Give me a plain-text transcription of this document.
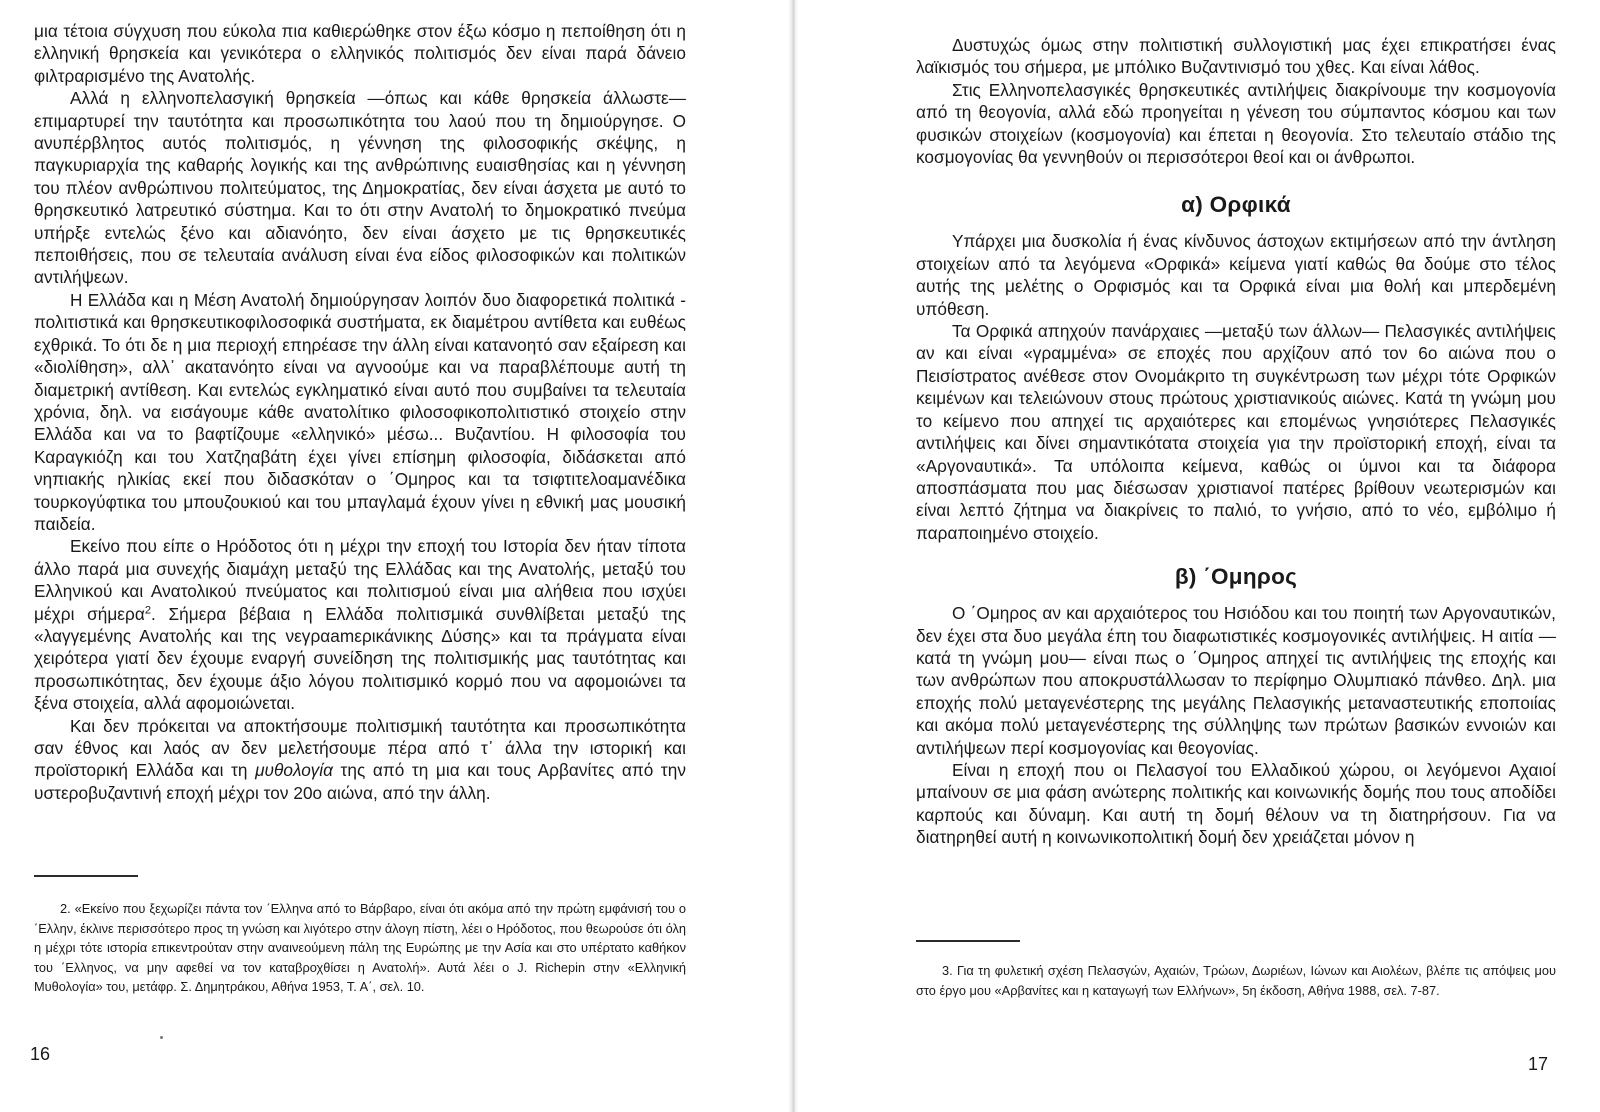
μια τέτοια σύγχυση που εύκολα πια καθιερώθηκε στον έξω κόσμο η πεποίθηση ότι η ελληνική θρησκεία και γενικότερα ο ελληνικός πολιτισμός δεν είναι παρά δάνειο φιλτραρισμένο της Ανατολής.

Αλλά η ελληνοπελασγική θρησκεία —όπως και κάθε θρησκεία άλλωστε— επιμαρτυρεί την ταυτότητα και προσωπικότητα του λαού που τη δημιούργησε. Ο ανυπέρβλητος αυτός πολιτισμός, η γέννηση της φιλοσοφικής σκέψης, η παγκυριαρχία της καθαρής λογικής και της ανθρώπινης ευαισθησίας και η γέννηση του πλέον ανθρώπινου πολιτεύματος, της Δημοκρατίας, δεν είναι άσχετα με αυτό το θρησκευτικό λατρευτικό σύστημα. Και το ότι στην Ανατολή το δημοκρατικό πνεύμα υπήρξε εντελώς ξένο και αδιανόητο, δεν είναι άσχετο με τις θρησκευτικές πεποιθήσεις, που σε τελευταία ανάλυση είναι ένα είδος φιλοσοφικών και πολιτικών αντιλήψεων.

Η Ελλάδα και η Μέση Ανατολή δημιούργησαν λοιπόν δυο διαφορετικά πολιτικά - πολιτιστικά και θρησκευτικοφιλοσοφικά συστήματα, εκ διαμέτρου αντίθετα και ευθέως εχθρικά. Το ότι δε η μια περιοχή επηρέασε την άλλη είναι κατανοητό σαν εξαίρεση και «διολίθηση», αλλ᾽ ακατανόητο είναι να αγνοούμε και να παραβλέπουμε αυτή τη διαμετρική αντίθεση. Και εντελώς εγκληματικό είναι αυτό που συμβαίνει τα τελευταία χρόνια, δηλ. να εισάγουμε κάθε ανατολίτικο φιλοσοφικοπολιτιστικό στοιχείο στην Ελλάδα και να το βαφτίζουμε «ελληνικό» μέσω... Βυζαντίου. Η φιλοσοφία του Καραγκιόζη και του Χατζηαβάτη έχει γίνει επίσημη φιλοσοφία, διδάσκεται από νηπιακής ηλικίας εκεί που διδασκόταν ο ΄Ομηρος και τα τσιφτιτελοαμανέδικα τουρκογύφτικα του μπουζουκιού και του μπαγλαμά έχουν γίνει η εθνική μας μουσική παιδεία.

Εκείνο που είπε ο Ηρόδοτος ότι η μέχρι την εποχή του Ιστορία δεν ήταν τίποτα άλλο παρά μια συνεχής διαμάχη μεταξύ της Ελλάδας και της Ανατολής, μεταξύ του Ελληνικού και Ανατολικού πνεύματος και πολιτισμού είναι μια αλήθεια που ισχύει μέχρι σήμερα$^2$. Σήμερα βέβαια η Ελλάδα πολιτισμικά συνθλίβεται μεταξύ της «λαγγεμένης Ανατολής και της νεγραamερικάνικης Δύσης» και τα πράγματα είναι χειρότερα γιατί δεν έχουμε εναργή συνείδηση της πολιτισμικής μας ταυτότητας και προσωπικότητας, δεν έχουμε άξιο λόγου πολιτισμικό κορμό που να αφομοιώνει τα ξένα στοιχεία, αλλά αφομοιώνεται.

Και δεν πρόκειται να αποκτήσουμε πολιτισμική ταυτότητα και προσωπικότητα σαν έθνος και λαός αν δεν μελετήσουμε πέρα από τ᾽ άλλα την ιστορική και προϊστορική Ελλάδα και τη μυθολογία της από τη μια και τους Αρβανίτες από την υστεροβυζαντινή εποχή μέχρι τον 20ο αιώνα, από την άλλη.

2. «Εκείνο που ξεχωρίζει πάντα τον ΄Ελληνα από το Βάρβαρο, είναι ότι ακόμα από την πρώτη εμφάνισή του ο ΄Ελλην, έκλινε περισσότερο προς τη γνώση και λιγότερο στην άλογη πίστη, λέει ο Ηρόδοτος, που θεωρούσε ότι όλη η μέχρι τότε ιστορία επικεντρούταν στην αναινεούμενη πάλη της Ευρώπης με την Ασία και στο υπέρτατο καθήκον του ΄Ελληνος, να μην αφεθεί να τον καταβροχθίσει η Ανατολή». Αυτά λέει ο J. Richepin στην «Ελληνική Μυθολογία» του, μετάφρ. Σ. Δημητράκου, Αθήνα 1953, Τ. Α΄, σελ. 10.

16

Δυστυχώς όμως στην πολιτιστική συλλογιστική μας έχει επικρατήσει ένας λαϊκισμός του σήμερα, με μπόλικο Βυζαντινισμό του χθες. Και είναι λάθος.

Στις Ελληνοπελασγικές θρησκευτικές αντιλήψεις διακρίνουμε την κοσμογονία από τη θεογονία, αλλά εδώ προηγείται η γένεση του σύμπαντος κόσμου και των φυσικών στοιχείων (κοσμογονία) και έπεται η θεογονία. Στο τελευταίο στάδιο της κοσμογονίας θα γεννηθούν οι περισσότεροι θεοί και οι άνθρωποι.

α) Ορφικά

Υπάρχει μια δυσκολία ή ένας κίνδυνος άστοχων εκτιμήσεων από την άντληση στοιχείων από τα λεγόμενα «Ορφικά» κείμενα γιατί καθώς θα δούμε στο τέλος αυτής της μελέτης ο Ορφισμός και τα Ορφικά είναι μια θολή και μπερδεμένη υπόθεση.

Τα Ορφικά απηχούν πανάρχαιες —μεταξύ των άλλων— Πελασγικές αντιλήψεις αν και είναι «γραμμένα» σε εποχές που αρχίζουν από τον 6ο αιώνα που ο Πεισίστρατος ανέθεσε στον Ονομάκριτο τη συγκέντρωση των μέχρι τότε Ορφικών κειμένων και τελειώνουν στους πρώτους χριστιανικούς αιώνες. Κατά τη γνώμη μου το κείμενο που απηχεί τις αρχαιότερες και επομένως γνησιότερες Πελασγικές αντιλήψεις και δίνει σημαντικότατα στοιχεία για την προϊστορική εποχή, είναι τα «Αργοναυτικά». Τα υπόλοιπα κείμενα, καθώς οι ύμνοι και τα διάφορα αποσπάσματα που μας διέσωσαν χριστιανοί πατέρες βρίθουν νεωτερισμών και είναι λεπτό ζήτημα να διακρίνεις το παλιό, το γνήσιο, από το νέο, εμβόλιμο ή παραποιημένο στοιχείο.

β) ΄Ομηρος

Ο ΄Ομηρος αν και αρχαιότερος του Ησιόδου και του ποιητή των Αργοναυτικών, δεν έχει στα δυο μεγάλα έπη του διαφωτιστικές κοσμογονικές αντιλήψεις. Η αιτία —κατά τη γνώμη μου— είναι πως ο ΄Ομηρος απηχεί τις αντιλήψεις της εποχής και των ανθρώπων που αποκρυστάλλωσαν το περίφημο Ολυμπιακό πάνθεο. Δηλ. μια εποχής πολύ μεταγενέστερης της μεγάλης Πελασγικής μεταναστευτικής εποποιίας και ακόμα πολύ μεταγενέστερης της σύλληψης των πρώτων βασικών εννοιών και αντιλήψεων περί κοσμογονίας και θεογονίας.

Είναι η εποχή που οι Πελασγοί του Ελλαδικού χώρου, οι λεγόμενοι Αχαιοί μπαίνουν σε μια φάση ανώτερης πολιτικής και κοινωνικής δομής που τους αποδίδει καρπούς και δύναμη. Και αυτή τη δομή θέλουν να τη διατηρήσουν. Για να διατηρηθεί αυτή η κοινωνικοπολιτική δομή δεν χρειάζεται μόνον η

3. Για τη φυλετική σχέση Πελασγών, Αχαιών, Τρώων, Δωριέων, Ιώνων και Αιολέων, βλέπε τις απόψεις μου στο έργο μου «Αρβανίτες και η καταγωγή των Ελλήνων», 5η έκδοση, Αθήνα 1988, σελ. 7-87.

17
